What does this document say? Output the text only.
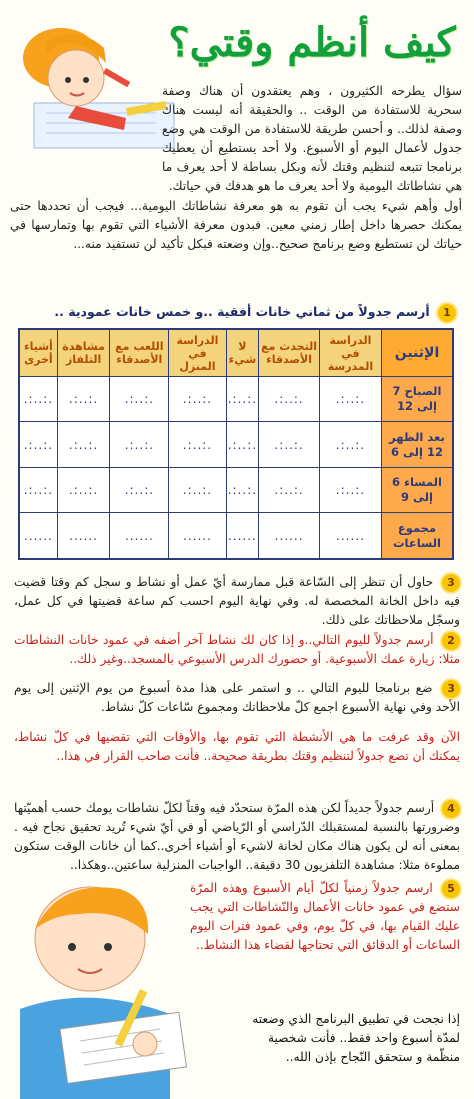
كيف أنظم وقتي؟
سؤال يطرحه الكثيرون ، وهم يعتقدون أن هناك وصفة سحرية للاستفادة من الوقت .. والحقيقة أنه ليست هناك وصفة لذلك.. و أحسن طريقة للاستفادة من الوقت هي وضع جدول لأعمال اليوم أو الأسبوع. ولا أحد يستطيع أن يعطيك برنامجا تتبعه لتنظيم وقتك لأنه وبكل بساطة لا أحد يعرف ما هي نشاطاتك اليومية ولا أحد يعرف ما هو هدفك في حياتك.
أول وأهم شيء يجب أن تقوم به هو معرفة نشاطاتك اليومية... فيجب أن تحددها حتى يمكنك حصرها داخل إطار زمني معين. فبدون معرفة الأشياء التي تقوم بها وتمارسها في حياتك لن تستطيع وضع برنامج صحيح..وإن وضعته فبكل تأكيد لن تستفيد منه...
1 أرسم جدولاً من ثماني خانات أفقية ..و خمس خانات عمودية ..
الإثنين	الدراسة في المدرسة	التحدث مع الأصدقاء	لا شيء	الدراسة في المنزل	اللعب مع الأصدقاء	مشاهدة التلفاز	أشياء أخرى
الصباح 7 إلى 12	.:..:.	.:..:.	.:..:.	.:..:.	.:..:.	.:..:.	.:..:.
بعد الظهر 12 إلى 6	.:..:.	.:..:.	.:..:.	.:..:.	.:..:.	.:..:.	.:..:.
المساء 6 إلى 9	.:..:.	.:..:.	.:..:.	.:..:.	.:..:.	.:..:.	.:..:.
مجموع الساعات	......	......	......	......	......	......	......
3 حاول أن تنظر إلى السّاعة قبل ممارسة أيّ عمل أو نشاط و سجل كم وقتا قضيت فيه داخل الخانة المخصصة له. وفي نهاية اليوم احسب كم ساعة قضيتها في كل عمل، وسجّل ملاحظاتك على ذلك.
2 أرسم جدولاً لليوم التالي..و إذا كان لك نشاط آخر أضفه في عمود خانات النشاطات مثلا: زيارة عمك الأسبوعية. أو حضورك الدرس الأسبوعي بالمسجد..وغير ذلك..
3 ضع برنامجا لليوم التالي .. و استمر على هذا مدة أسبوع من يوم الإثنين إلى يوم الأحد وفي نهاية الأسبوع اجمع كلّ ملاحظاتك ومجموع سّاعات كلّ نشاط.
الآن وقد عرفت ما هي الأنشطة التي تقوم بها، والأوقات التي تقضيها في كلّ نشاط، يمكنك أن تضع جدولاً لتنظيم وقتك بطريقة صحيحة.. فأنت صاحب القرار في هذا..
4 أرسم جدولاً جديداً لكن هذه المرّة ستحدّد فيه وقتاً لكلّ نشاطات يومك حسب أهميّتها وضرورتها بالنسبة لمستقبلك الدّراسي أو الرّياضي أو في أيّ شيء تُريد تحقيق نجاح فيه . بمعنى أنه لن يكون هناك مكان لخانة لاشيء أو أشياء أخرى..كما أن خانات الوقت ستكون مملوءة مثلا: مشاهدة التلفزيون 30 دقيقة.. الواجبات المنزلية ساعتين..وهكذا..
5 ارسم جدولاً زمنياً لكلّ أيام الأسبوع وهذه المرّة ستضع في عمود خانات الأعمال والنّشاطات التي يجب عليك القيام بها، في كلّ يوم، وفي عمود فترات اليوم الساعات أو الدقائق التي تحتاجها لقضاء هذا النشاط..
إذا نجحت في تطبيق البرنامج الذي وضعته لمدّة أسبوع واحد فقط.. فأنت شخصية منظّمة و ستحقق النّجاح بإذن الله..
